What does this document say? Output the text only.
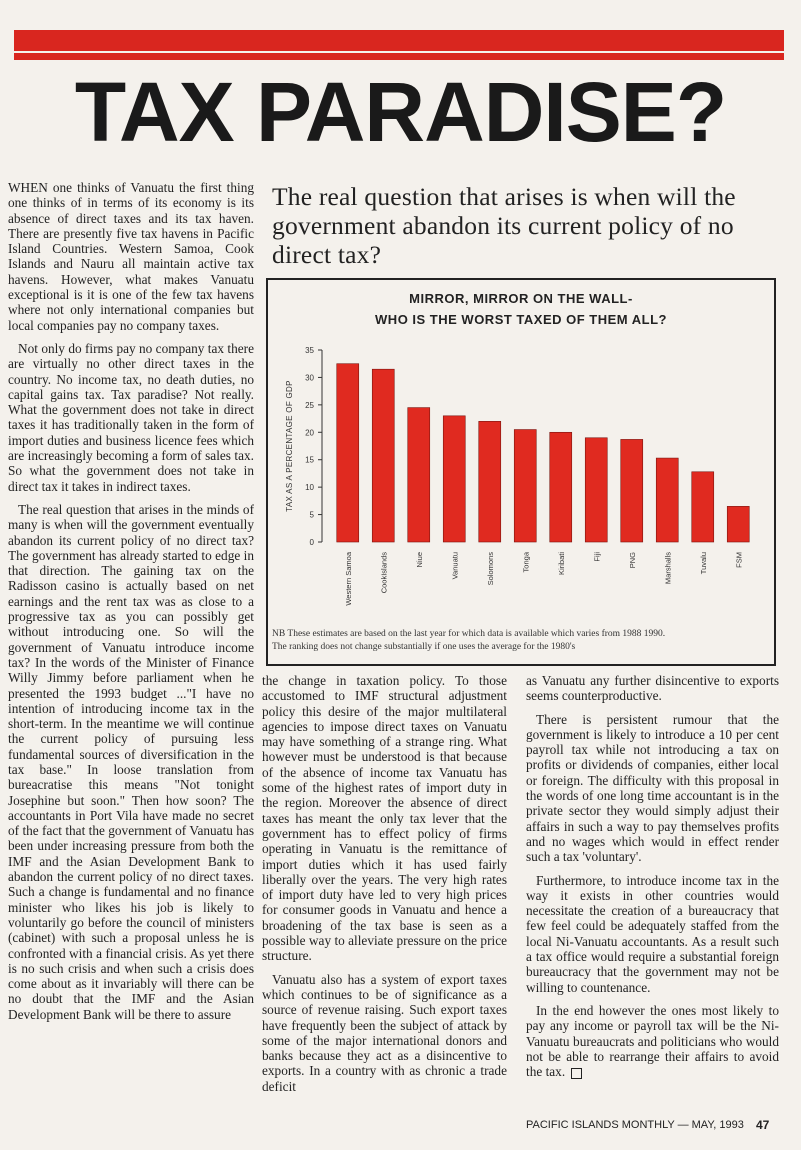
TAX PARADISE?

WHEN one thinks of Vanuatu the first thing one thinks of in terms of its economy is its absence of direct taxes and its tax haven. There are presently five tax havens in Pacific Island Countries. Western Samoa, Cook Islands and Nauru all maintain active tax havens. However, what makes Vanuatu exceptional is it is one of the few tax havens where not only international companies but local companies pay no company taxes.

Not only do firms pay no company tax there are virtually no other direct taxes in the country. No income tax, no death duties, no capital gains tax. Tax paradise? Not really. What the government does not take in direct taxes it has traditionally taken in the form of import duties and business licence fees which are increasingly becoming a form of sales tax. So what the government does not take in direct tax it takes in indirect taxes.

The real question that arises in the minds of many is when will the government eventually abandon its current policy of no direct tax? The government has already started to edge in that direction. The gaining tax on the Radisson casino is actually based on net earnings and the rent tax was as close to a progressive tax as you can possibly get without introducing one. So will the government of Vanuatu introduce income tax? In the words of the Minister of Finance Willy Jimmy before parliament when he presented the 1993 budget ..."I have no intention of introducing income tax in the short-term. In the meantime we will continue the current policy of pursuing less fundamental sources of diversification in the tax base." In loose translation from bureacratise this means "Not tonight Josephine but soon." Then how soon? The accountants in Port Vila have made no secret of the fact that the government of Vanuatu has been under increasing pressure from both the IMF and the Asian Development Bank to abandon the current policy of no direct taxes. Such a change is fundamental and no finance minister who likes his job is likely to voluntarily go before the council of ministers (cabinet) with such a proposal unless he is confronted with a financial crisis. As yet there is no such crisis and when such a crisis does come about as it invariably will there can be no doubt that the IMF and the Asian Development Bank will be there to assure

The real question that arises is when will the government abandon its current policy of no direct tax?

MIRROR, MIRROR ON THE WALL-
WHO IS THE WORST TAXED OF THEM ALL?
0
5
10
15
20
25
30
35
TAX AS A PERCENTAGE OF GDP
Western Samoa	CookIslands	Niue	Vanuatu	Solomons	Tonga	Kiribati	Fiji	PNG	Marshalls	Tuvalu	FSM
NB These estimates are based on the last year for which data is available which varies from 1988 1990.
The ranking does not change substantially if one uses the average for the 1980's

the change in taxation policy. To those accustomed to IMF structural adjustment policy this desire of the major multilateral agencies to impose direct taxes on Vanuatu may have something of a strange ring. What however must be understood is that because of the absence of income tax Vanuatu has some of the highest rates of import duty in the region. Moreover the absence of direct taxes has meant the only tax lever that the government has to effect policy of firms operating in Vanuatu is the remittance of import duties which it has used fairly liberally over the years. The very high rates of import duty have led to very high prices for consumer goods in Vanuatu and hence a broadening of the tax base is seen as a possible way to alleviate pressure on the price structure.

Vanuatu also has a system of export taxes which continues to be of significance as a source of revenue raising. Such export taxes have frequently been the subject of attack by some of the major international donors and banks because they act as a disincentive to exports. In a country with as chronic a trade deficit

as Vanuatu any further disincentive to exports seems counterproductive.

There is persistent rumour that the government is likely to introduce a 10 per cent payroll tax while not introducing a tax on profits or dividends of companies, either local or foreign. The difficulty with this proposal in the words of one long time accountant is in the private sector they would simply adjust their affairs in such a way to pay themselves profits and no wages which would in effect render such a tax 'voluntary'.

Furthermore, to introduce income tax in the way it exists in other countries would necessitate the creation of a bureaucracy that few feel could be adequately staffed from the local Ni-Vanuatu accountants. As a result such a tax office would require a substantial foreign bureaucracy that the government may not be willing to countenance.

In the end however the ones most likely to pay any income or payroll tax will be the Ni-Vanuatu bureaucrats and politicians who would not be able to rearrange their affairs to avoid the tax.

PACIFIC ISLANDS MONTHLY — MAY, 1993 47
